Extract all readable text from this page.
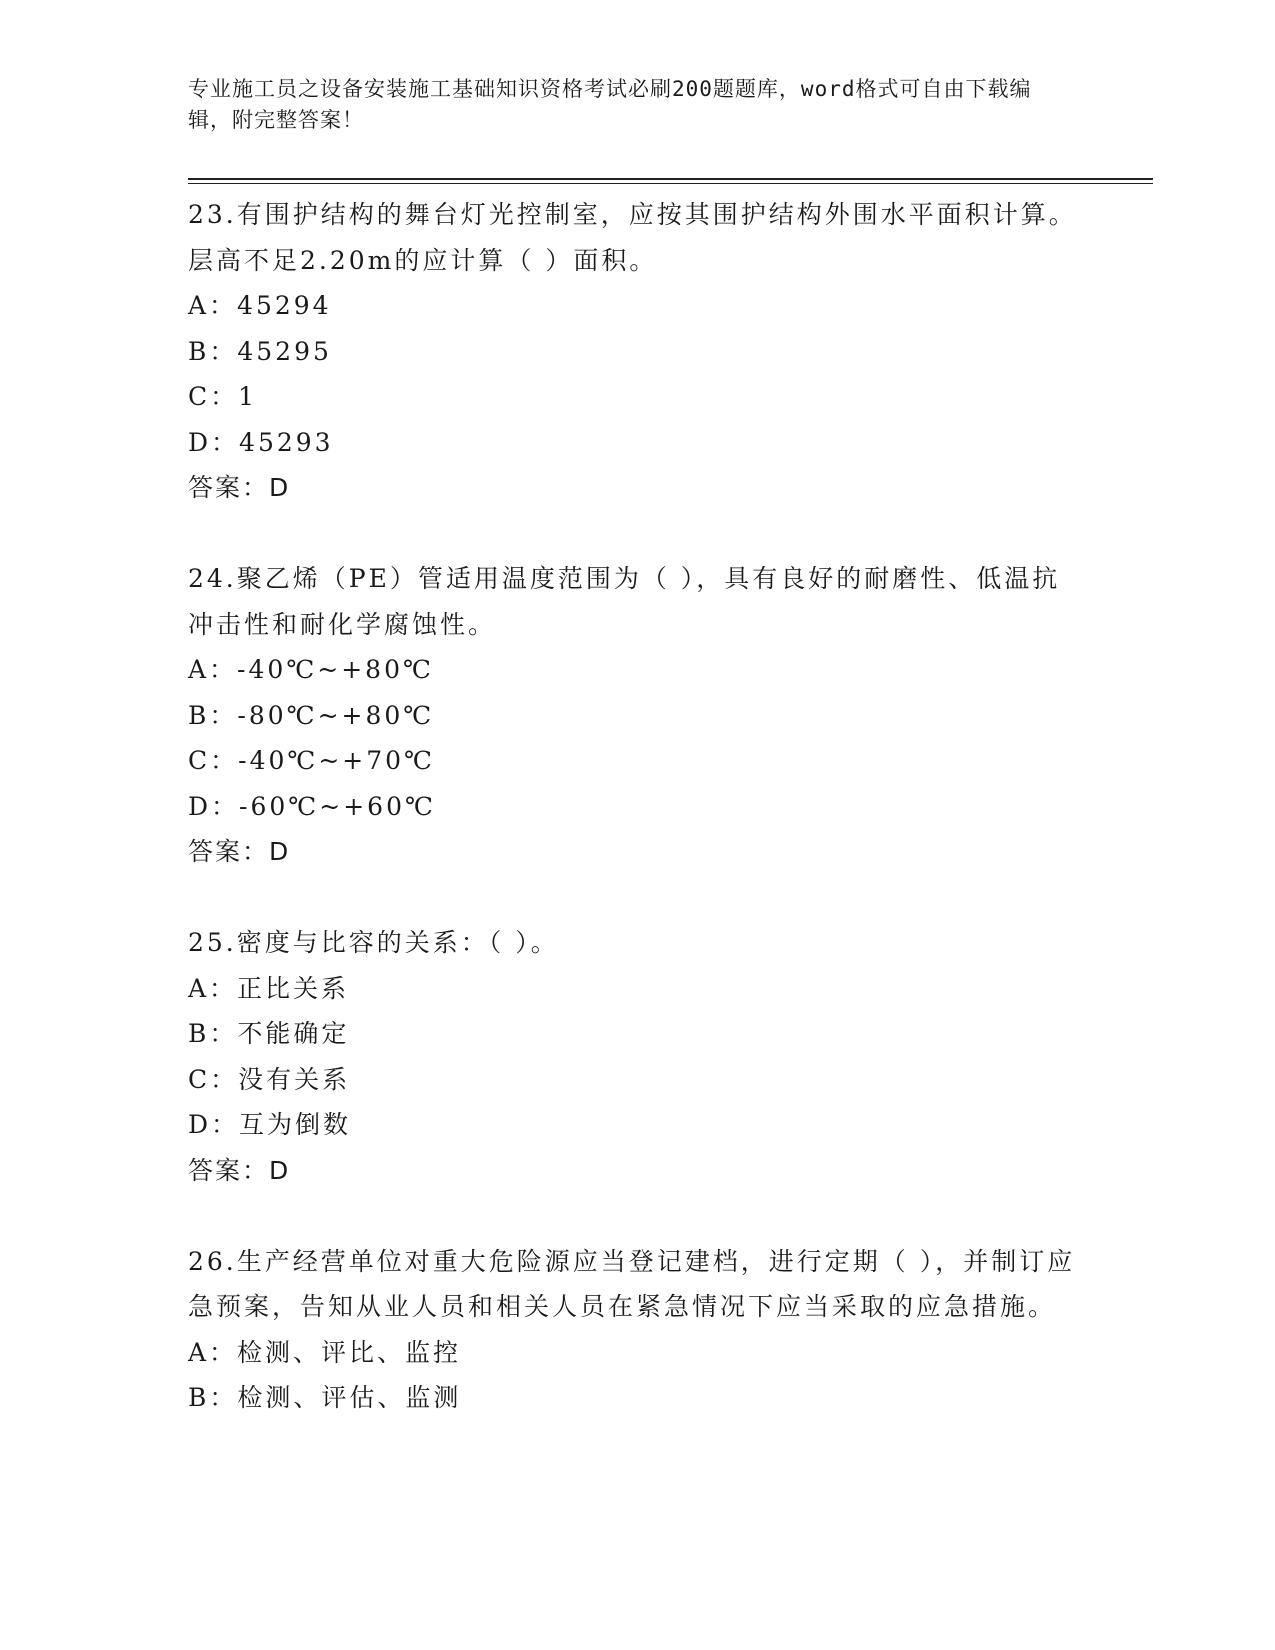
专业施工员之设备安装施工基础知识资格考试必刷200题题库，word格式可自由下载编辑，附完整答案！

23.有围护结构的舞台灯光控制室，应按其围护结构外围水平面积计算。层高不足2.20m的应计算（ ）面积。

A：45294
B：45295
C：1
D：45293

答案：D

24.聚乙烯（PE）管适用温度范围为（ ），具有良好的耐磨性、低温抗冲击性和耐化学腐蚀性。

A：-40℃~+80℃
B：-80℃~+80℃
C：-40℃~+70℃
D：-60℃~+60℃

答案：D

25.密度与比容的关系：（ ）。

A：正比关系
B：不能确定
C：没有关系
D：互为倒数

答案：D

26.生产经营单位对重大危险源应当登记建档，进行定期（ ），并制订应急预案，告知从业人员和相关人员在紧急情况下应当采取的应急措施。

A：检测、评比、监控
B：检测、评估、监测
